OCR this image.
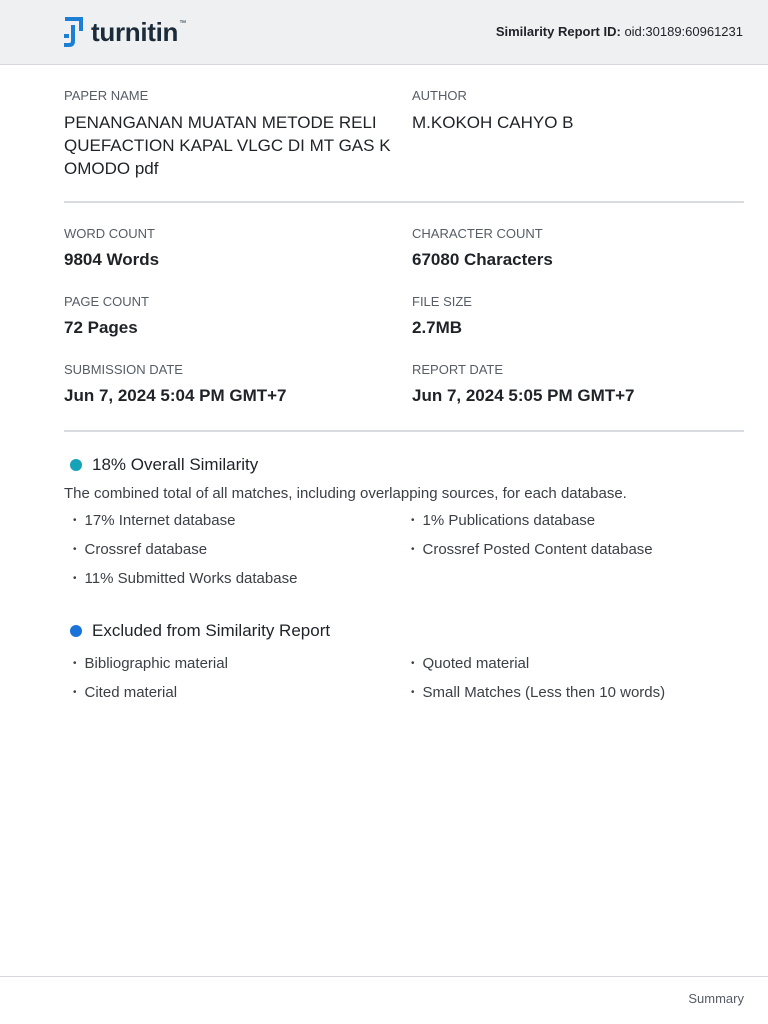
turnitin ™
Similarity Report ID: oid:30189:60961231
PAPER NAME
PENANGANAN MUATAN METODE RELI QUEFACTION KAPAL VLGC DI MT GAS K OMODO pdf
AUTHOR
M.KOKOH CAHYO B
WORD COUNT
9804 Words
CHARACTER COUNT
67080 Characters
PAGE COUNT
72 Pages
FILE SIZE
2.7MB
SUBMISSION DATE
Jun 7, 2024 5:04 PM GMT+7
REPORT DATE
Jun 7, 2024 5:05 PM GMT+7
18% Overall Similarity
The combined total of all matches, including overlapping sources, for each database.
• 17% Internet database	• 1% Publications database
• Crossref database	• Crossref Posted Content database
• 11% Submitted Works database
Excluded from Similarity Report
• Bibliographic material	• Quoted material
• Cited material	• Small Matches (Less then 10 words)
Summary
